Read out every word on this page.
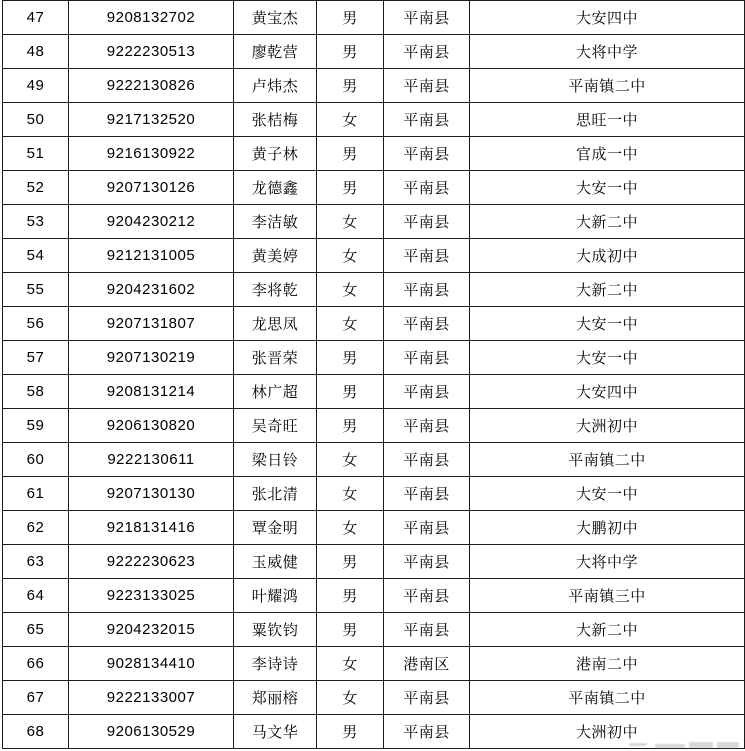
47	9208132702	黄宝杰	男	平南县	大安四中
48	9222230513	廖乾营	男	平南县	大将中学
49	9222130826	卢炜杰	男	平南县	平南镇二中
50	9217132520	张桔梅	女	平南县	思旺一中
51	9216130922	黄子林	男	平南县	官成一中
52	9207130126	龙德鑫	男	平南县	大安一中
53	9204230212	李洁敏	女	平南县	大新二中
54	9212131005	黄美婷	女	平南县	大成初中
55	9204231602	李将乾	女	平南县	大新二中
56	9207131807	龙思凤	女	平南县	大安一中
57	9207130219	张晋荣	男	平南县	大安一中
58	9208131214	林广超	男	平南县	大安四中
59	9206130820	吴奇旺	男	平南县	大洲初中
60	9222130611	梁日铃	女	平南县	平南镇二中
61	9207130130	张北清	女	平南县	大安一中
62	9218131416	覃金明	女	平南县	大鹏初中
63	9222230623	玉威健	男	平南县	大将中学
64	9223133025	叶耀鸿	男	平南县	平南镇三中
65	9204232015	粟钦钧	男	平南县	大新二中
66	9028134410	李诗诗	女	港南区	港南二中
67	9222133007	郑丽榕	女	平南县	平南镇二中
68	9206130529	马文华	男	平南县	大洲初中
